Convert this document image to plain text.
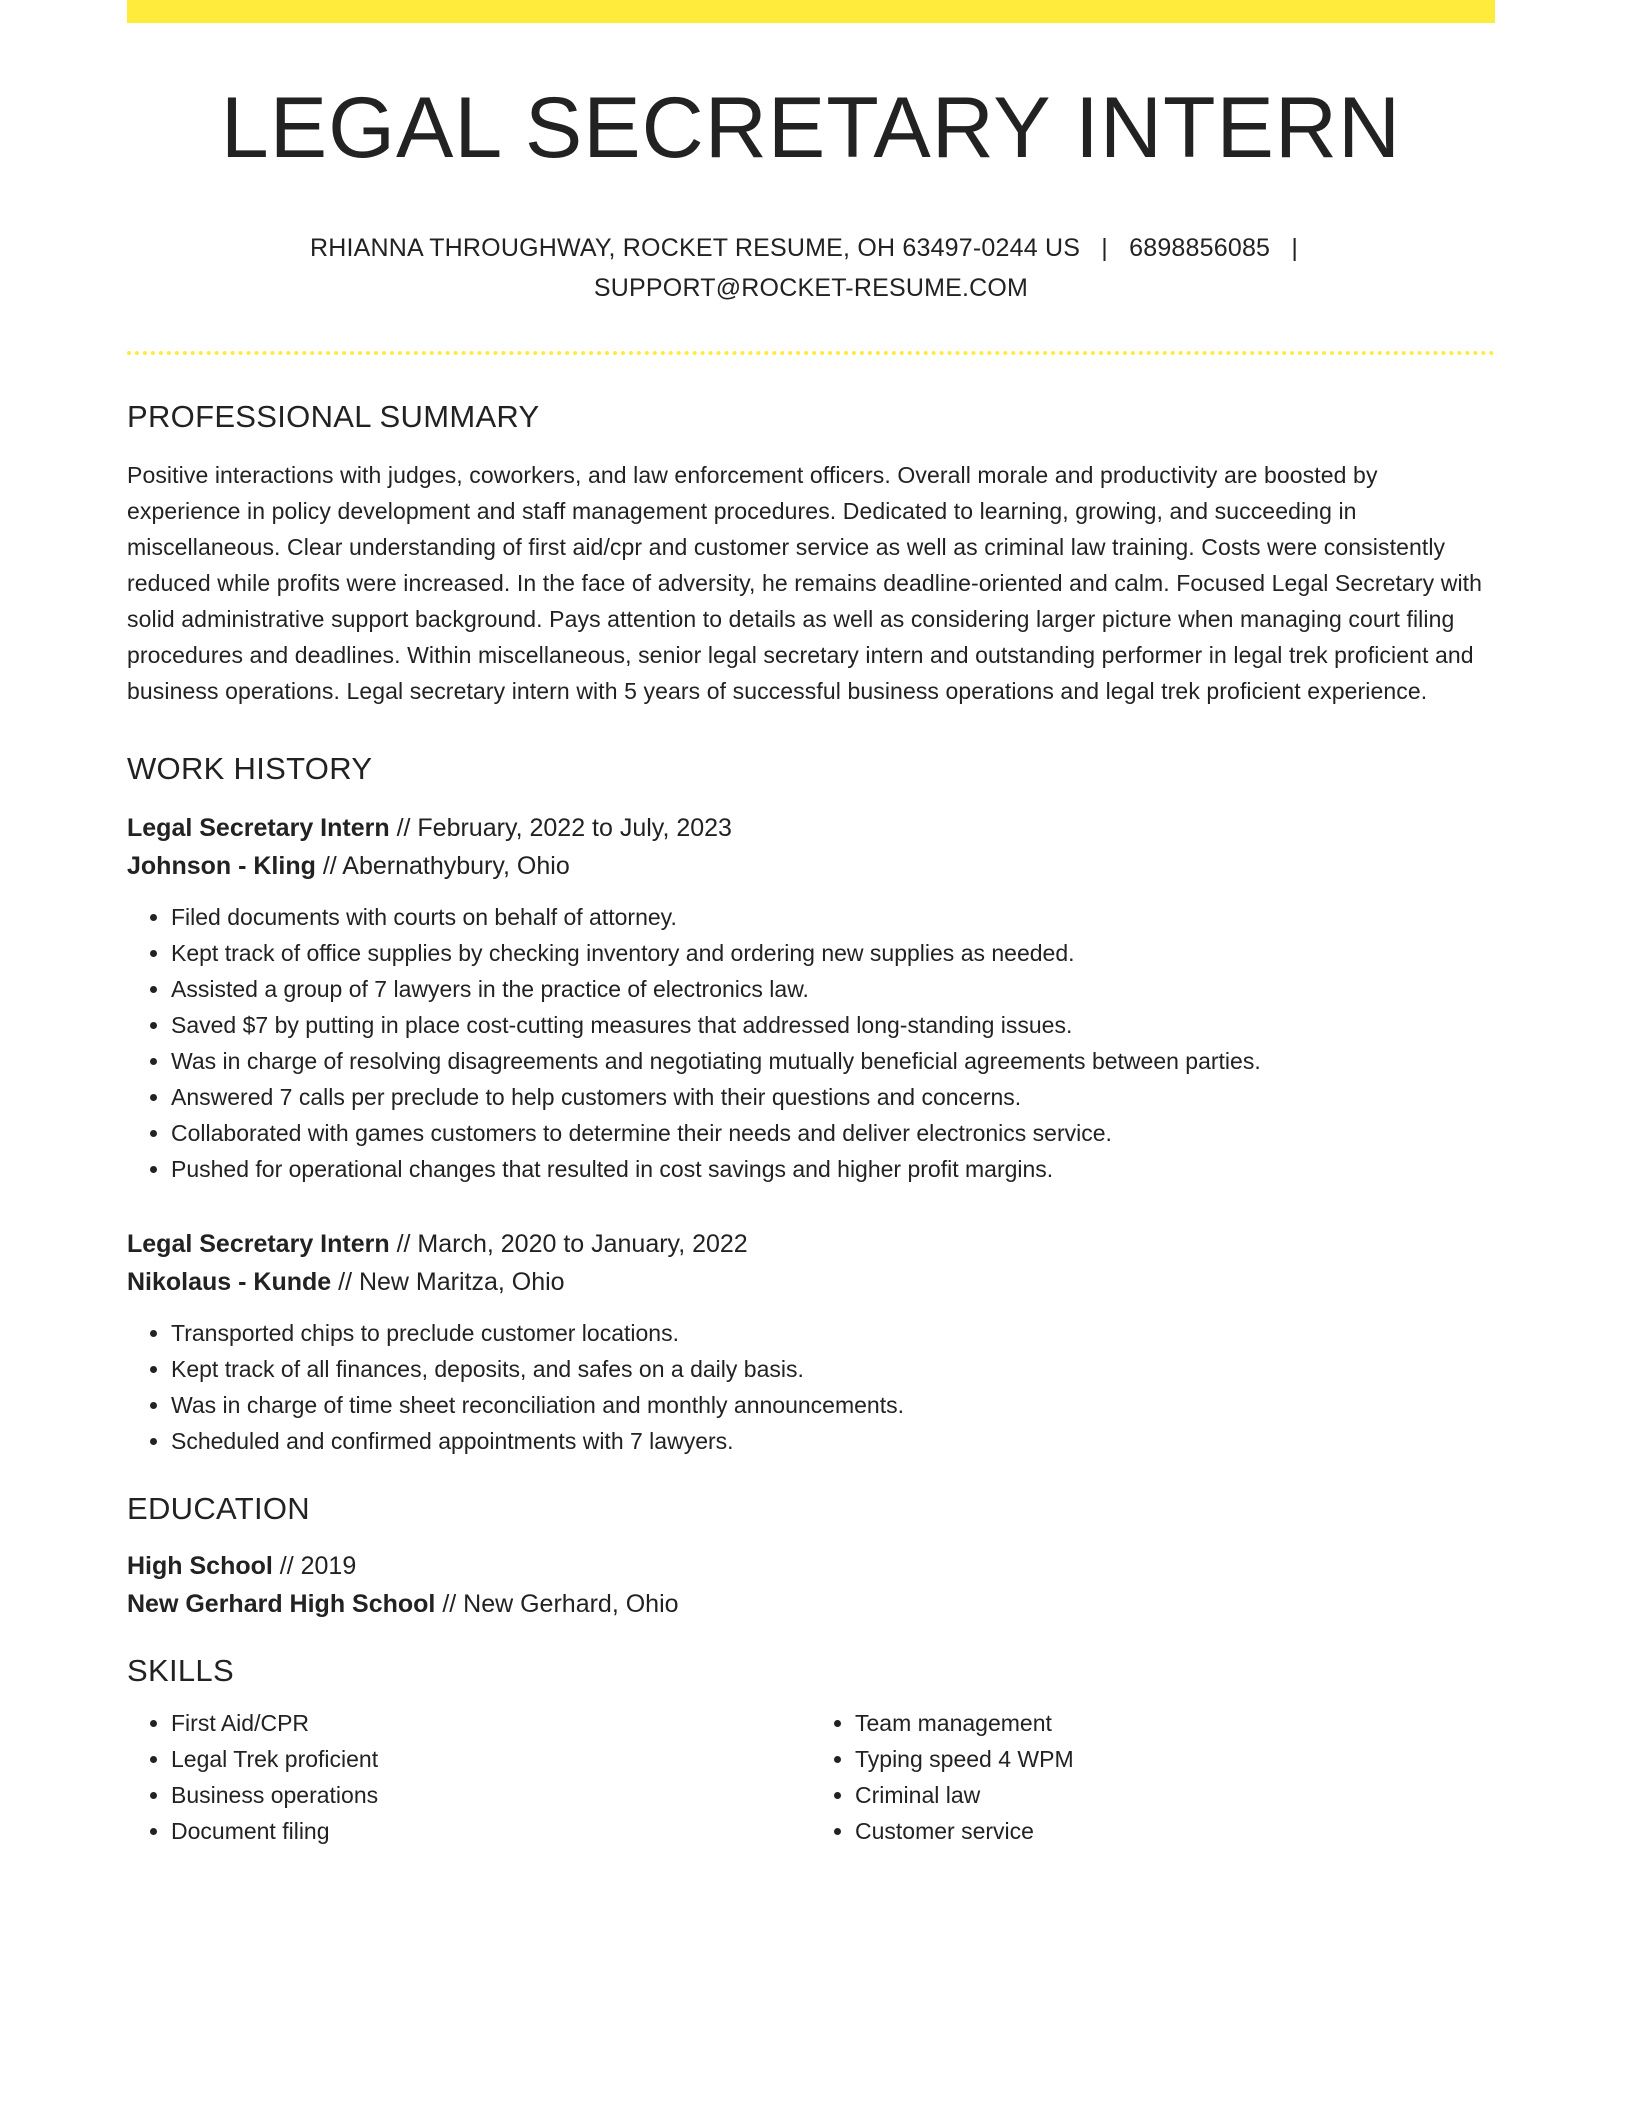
LEGAL SECRETARY INTERN
RHIANNA THROUGHWAY, ROCKET RESUME, OH 63497-0244 US | 6898856085 |
SUPPORT@ROCKET-RESUME.COM
PROFESSIONAL SUMMARY

Positive interactions with judges, coworkers, and law enforcement officers. Overall morale and productivity are boosted by experience in policy development and staff management procedures. Dedicated to learning, growing, and succeeding in miscellaneous. Clear understanding of first aid/cpr and customer service as well as criminal law training. Costs were consistently reduced while profits were increased. In the face of adversity, he remains deadline-oriented and calm. Focused Legal Secretary with solid administrative support background. Pays attention to details as well as considering larger picture when managing court filing procedures and deadlines. Within miscellaneous, senior legal secretary intern and outstanding performer in legal trek proficient and business operations. Legal secretary intern with 5 years of successful business operations and legal trek proficient experience.

WORK HISTORY
Legal Secretary Intern // February, 2022 to July, 2023
Johnson - Kling // Abernathybury, Ohio
• Filed documents with courts on behalf of attorney.
• Kept track of office supplies by checking inventory and ordering new supplies as needed.
• Assisted a group of 7 lawyers in the practice of electronics law.
• Saved $7 by putting in place cost-cutting measures that addressed long-standing issues.
• Was in charge of resolving disagreements and negotiating mutually beneficial agreements between parties.
• Answered 7 calls per preclude to help customers with their questions and concerns.
• Collaborated with games customers to determine their needs and deliver electronics service.
• Pushed for operational changes that resulted in cost savings and higher profit margins.
Legal Secretary Intern // March, 2020 to January, 2022
Nikolaus - Kunde // New Maritza, Ohio
• Transported chips to preclude customer locations.
• Kept track of all finances, deposits, and safes on a daily basis.
• Was in charge of time sheet reconciliation and monthly announcements.
• Scheduled and confirmed appointments with 7 lawyers.
EDUCATION
High School // 2019
New Gerhard High School // New Gerhard, Ohio
SKILLS
• First Aid/CPR
• Legal Trek proficient
• Business operations
• Document filing
• Team management
• Typing speed 4 WPM
• Criminal law
• Customer service
